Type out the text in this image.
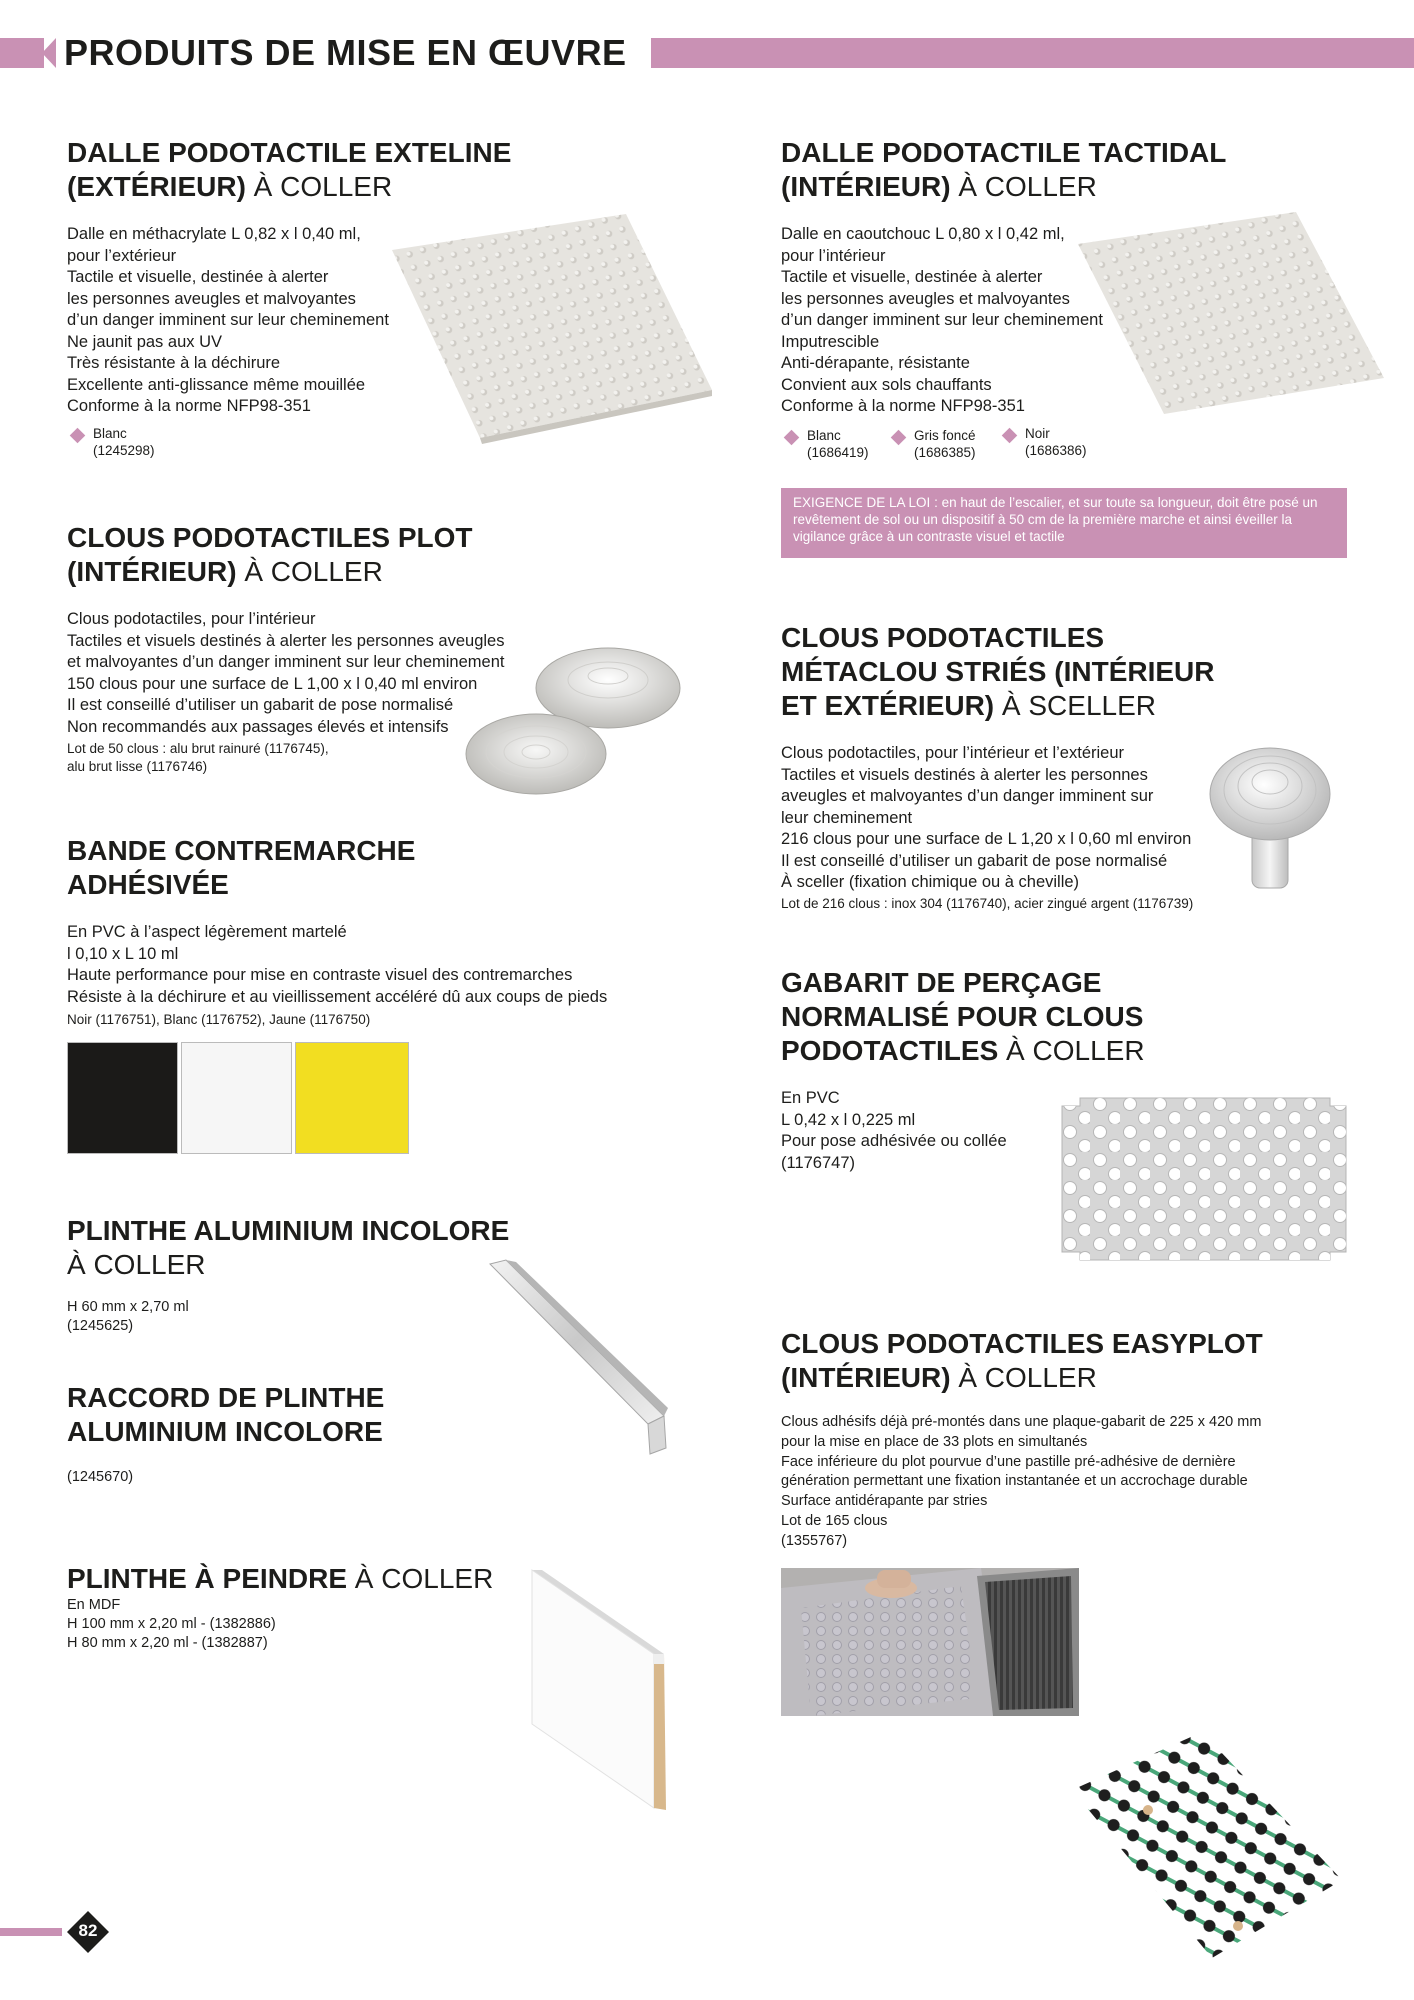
PRODUITS DE MISE EN ŒUVRE
DALLE PODOTACTILE EXTELINE
(EXTÉRIEUR) À COLLER
Dalle en méthacrylate L 0,82 x l 0,40 ml,
pour l’extérieur
Tactile et visuelle, destinée à alerter
les personnes aveugles et malvoyantes
d’un danger imminent sur leur cheminement
Ne jaunit pas aux UV
Très résistante à la déchirure
Excellente anti-glissance même mouillée
Conforme à la norme NFP98-351
Blanc
(1245298)
CLOUS PODOTACTILES PLOT
(INTÉRIEUR) À COLLER
Clous podotactiles, pour l’intérieur
Tactiles et visuels destinés à alerter les personnes aveugles
et malvoyantes d’un danger imminent sur leur cheminement
150 clous pour une surface de L 1,00 x l 0,40 ml environ
Il est conseillé d’utiliser un gabarit de pose normalisé
Non recommandés aux passages élevés et intensifs
Lot de 50 clous : alu brut rainuré (1176745),
alu brut lisse (1176746)
BANDE CONTREMARCHE
ADHÉSIVÉE
En PVC à l’aspect légèrement martelé
l 0,10 x L 10 ml
Haute performance pour mise en contraste visuel des contremarches
Résiste à la déchirure et au vieillissement accéléré dû aux coups de pieds
Noir (1176751), Blanc (1176752), Jaune (1176750)
PLINTHE ALUMINIUM INCOLORE
À COLLER
H 60 mm x 2,70 ml
(1245625)
RACCORD DE PLINTHE
ALUMINIUM INCOLORE
(1245670)
PLINTHE À PEINDRE À COLLER
En MDF
H 100 mm x 2,20 ml - (1382886)
H 80 mm x 2,20 ml - (1382887)
DALLE PODOTACTILE TACTIDAL
(INTÉRIEUR) À COLLER
Dalle en caoutchouc L 0,80 x l 0,42 ml,
pour l’intérieur
Tactile et visuelle, destinée à alerter
les personnes aveugles et malvoyantes
d’un danger imminent sur leur cheminement
Imputrescible
Anti-dérapante, résistante
Convient aux sols chauffants
Conforme à la norme NFP98-351
Blanc
(1686419)
Gris foncé
(1686385)
Noir
(1686386)
EXIGENCE DE LA LOI : en haut de l’escalier, et sur toute sa longueur, doit être posé un revêtement de sol ou un dispositif à 50 cm de la première marche et ainsi éveiller la vigilance grâce à un contraste visuel et tactile
CLOUS PODOTACTILES
MÉTACLOU STRIÉS (INTÉRIEUR
ET EXTÉRIEUR) À SCELLER
Clous podotactiles, pour l’intérieur et l’extérieur
Tactiles et visuels destinés à alerter les personnes
aveugles et malvoyantes d’un danger imminent sur
leur cheminement
216 clous pour une surface de L 1,20 x l 0,60 ml environ
Il est conseillé d’utiliser un gabarit de pose normalisé
À sceller (fixation chimique ou à cheville)
Lot de 216 clous : inox 304 (1176740), acier zingué argent (1176739)
GABARIT DE PERÇAGE
NORMALISÉ POUR CLOUS
PODOTACTILES À COLLER
En PVC
L 0,42 x l 0,225 ml
Pour pose adhésivée ou collée
(1176747)
CLOUS PODOTACTILES EASYPLOT
(INTÉRIEUR) À COLLER
Clous adhésifs déjà pré-montés dans une plaque-gabarit de 225 x 420 mm
pour la mise en place de 33 plots en simultanés
Face inférieure du plot pourvue d’une pastille pré-adhésive de dernière
génération permettant une fixation instantanée et un accrochage durable
Surface antidérapante par stries
Lot de 165 clous
(1355767)
82
